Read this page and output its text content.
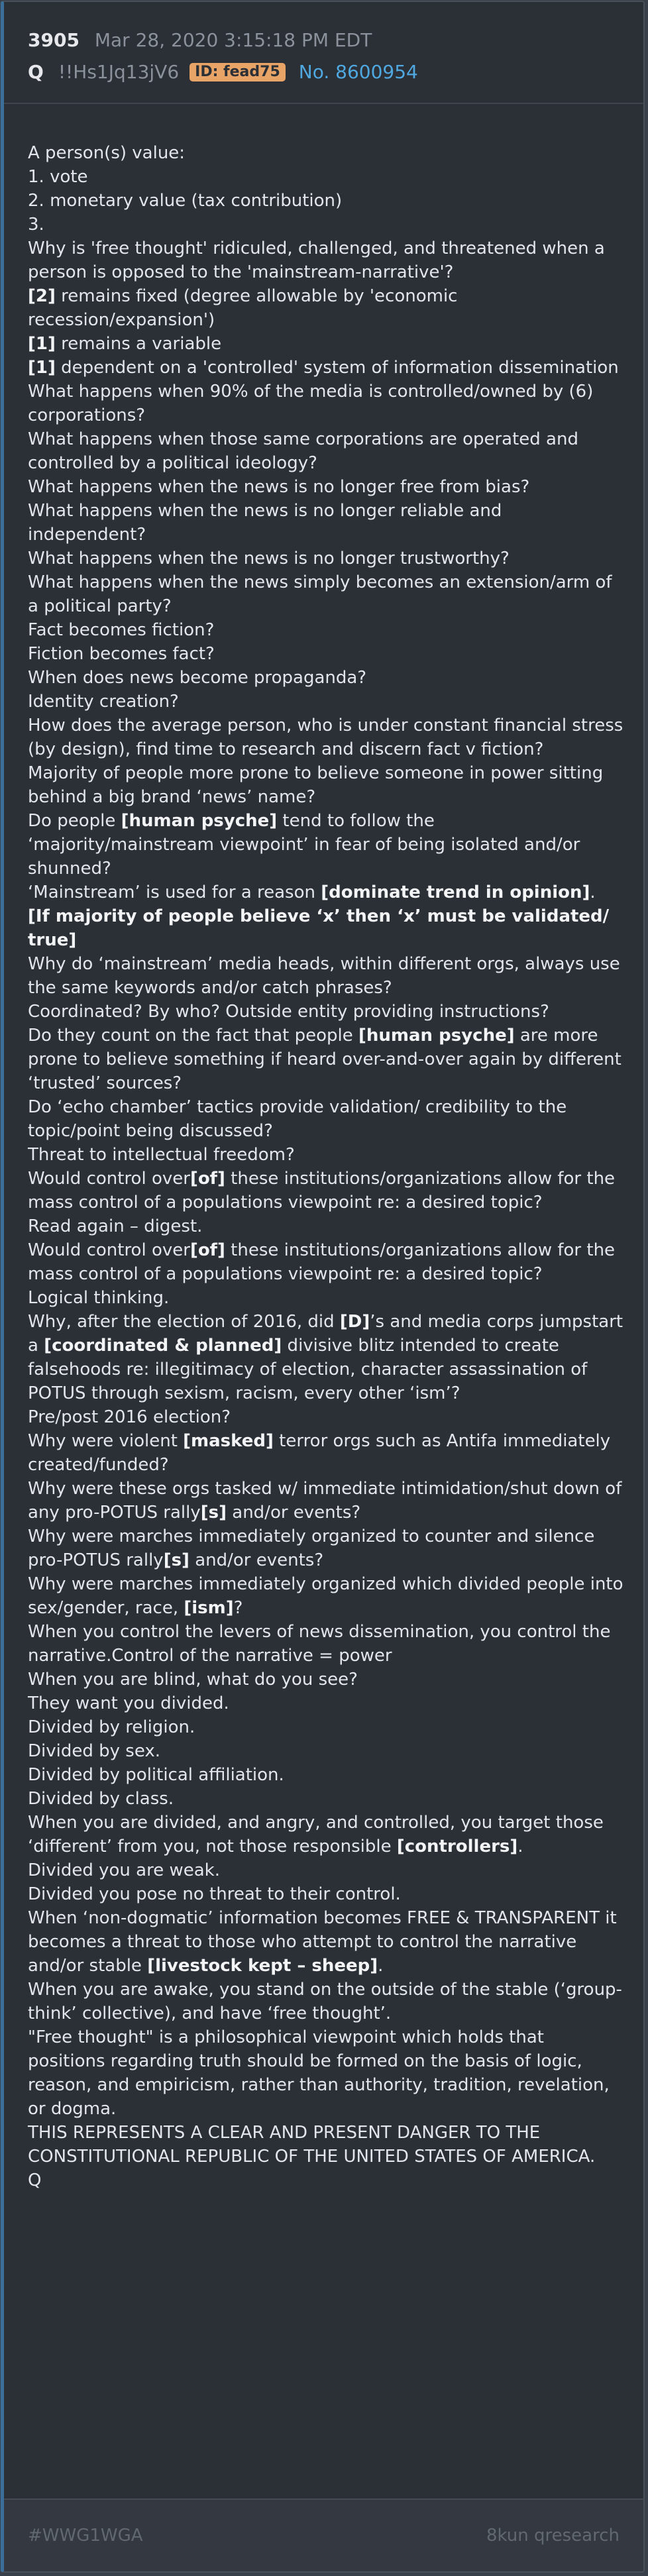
3905 Mar 28, 2020 3:15:18 PM EDT
Q !!Hs1Jq13jV6	ID: fead75 No. 8600954
A person(s) value:
1. vote
2. monetary value (tax contribution)
3.
Why is 'free thought' ridiculed, challenged, and threatened when a person is opposed to the 'mainstream-narrative'?
[2] remains fixed (degree allowable by 'economic recession/expansion')
[1] remains a variable
[1] dependent on a 'controlled' system of information dissemination
What happens when 90% of the media is controlled/owned by (6) corporations?
What happens when those same corporations are operated and controlled by a political ideology?
What happens when the news is no longer free from bias?
What happens when the news is no longer reliable and independent?
What happens when the news is no longer trustworthy?
What happens when the news simply becomes an extension/arm of a political party?
Fact becomes fiction?
Fiction becomes fact?
When does news become propaganda?
Identity creation?
How does the average person, who is under constant financial stress (by design), find time to research and discern fact v fiction?
Majority of people more prone to believe someone in power sitting behind a big brand ‘news’ name?
Do people [human psyche] tend to follow the ‘majority/mainstream viewpoint’ in fear of being isolated and/or shunned?
‘Mainstream’ is used for a reason [dominate trend in opinion].
[If majority of people believe ‘x’ then ‘x’ must be validated/ true]
Why do ‘mainstream’ media heads, within different orgs, always use the same keywords and/or catch phrases?
Coordinated? By who? Outside entity providing instructions?
Do they count on the fact that people [human psyche] are more prone to believe something if heard over-and-over again by different ‘trusted’ sources?
Do ‘echo chamber’ tactics provide validation/ credibility to the topic/point being discussed?
Threat to intellectual freedom?
Would control over[of] these institutions/organizations allow for the mass control of a populations viewpoint re: a desired topic?
Read again – digest.
Would control over[of] these institutions/organizations allow for the mass control of a populations viewpoint re: a desired topic?
Logical thinking.
Why, after the election of 2016, did [D]’s and media corps jumpstart a [coordinated & planned] divisive blitz intended to create falsehoods re: illegitimacy of election, character assassination of POTUS through sexism, racism, every other ‘ism’?
Pre/post 2016 election?
Why were violent [masked] terror orgs such as Antifa immediately created/funded?
Why were these orgs tasked w/ immediate intimidation/shut down of any pro-POTUS rally[s] and/or events?
Why were marches immediately organized to counter and silence pro-POTUS rally[s] and/or events?
Why were marches immediately organized which divided people into sex/gender, race, [ism]?
When you control the levers of news dissemination, you control the narrative.Control of the narrative = power
When you are blind, what do you see?
They want you divided.
Divided by religion.
Divided by sex.
Divided by political affiliation.
Divided by class.
When you are divided, and angry, and controlled, you target those ‘different’ from you, not those responsible [controllers].
Divided you are weak.
Divided you pose no threat to their control.
When ‘non-dogmatic’ information becomes FREE & TRANSPARENT it becomes a threat to those who attempt to control the narrative and/or stable [livestock kept – sheep].
When you are awake, you stand on the outside of the stable (‘group-think’ collective), and have ‘free thought’.
"Free thought" is a philosophical viewpoint which holds that positions regarding truth should be formed on the basis of logic, reason, and empiricism, rather than authority, tradition, revelation, or dogma.
THIS REPRESENTS A CLEAR AND PRESENT DANGER TO THE CONSTITUTIONAL REPUBLIC OF THE UNITED STATES OF AMERICA.
Q
#WWG1WGA	8kun qresearch
